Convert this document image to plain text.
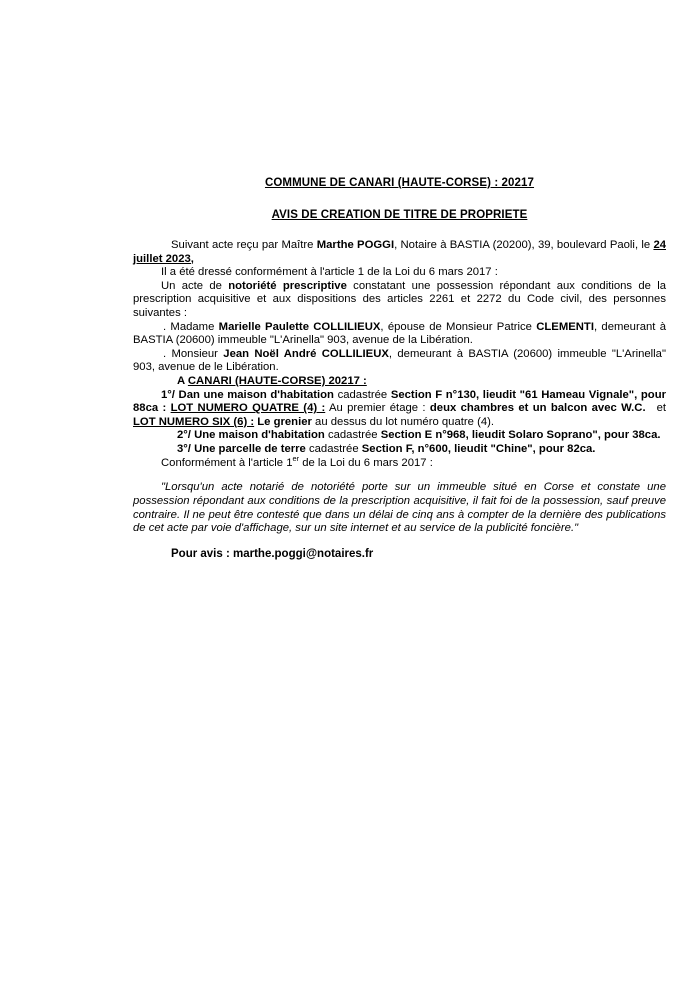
COMMUNE DE CANARI (HAUTE-CORSE) : 20217
AVIS DE CREATION DE TITRE DE PROPRIETE

Suivant acte reçu par Maître Marthe POGGI, Notaire à BASTIA (20200), 39, boulevard Paoli, le 24 juillet 2023,

Il a été dressé conformément à l'article 1 de la Loi du 6 mars 2017 :

Un acte de notoriété prescriptive constatant une possession répondant aux conditions de la prescription acquisitive et aux dispositions des articles 2261 et 2272 du Code civil, des personnes suivantes :

. Madame Marielle Paulette COLLILIEUX, épouse de Monsieur Patrice CLEMENTI, demeurant à BASTIA (20600) immeuble "L'Arinella" 903, avenue de la Libération.

. Monsieur Jean Noël André COLLILIEUX, demeurant à BASTIA (20600) immeuble "L'Arinella" 903, avenue de le Libération.

A CANARI (HAUTE-CORSE) 20217 :

1°/ Dan une maison d'habitation cadastrée Section F n°130, lieudit "61 Hameau Vignale", pour 88ca : LOT NUMERO QUATRE (4) : Au premier étage : deux chambres et un balcon avec W.C. et LOT NUMERO SIX (6) : Le grenier au dessus du lot numéro quatre (4).

2°/ Une maison d'habitation cadastrée Section E n°968, lieudit Solaro Soprano", pour 38ca.

3°/ Une parcelle de terre cadastrée Section F, n°600, lieudit "Chine", pour 82ca.

Conformément à l'article 1er de la Loi du 6 mars 2017 :

"Lorsqu'un acte notarié de notoriété porte sur un immeuble situé en Corse et constate une possession répondant aux conditions de la prescription acquisitive, il fait foi de la possession, sauf preuve contraire. Il ne peut être contesté que dans un délai de cinq ans à compter de la dernière des publications de cet acte par voie d'affichage, sur un site internet et au service de la publicité foncière."

Pour avis : marthe.poggi@notaires.fr
